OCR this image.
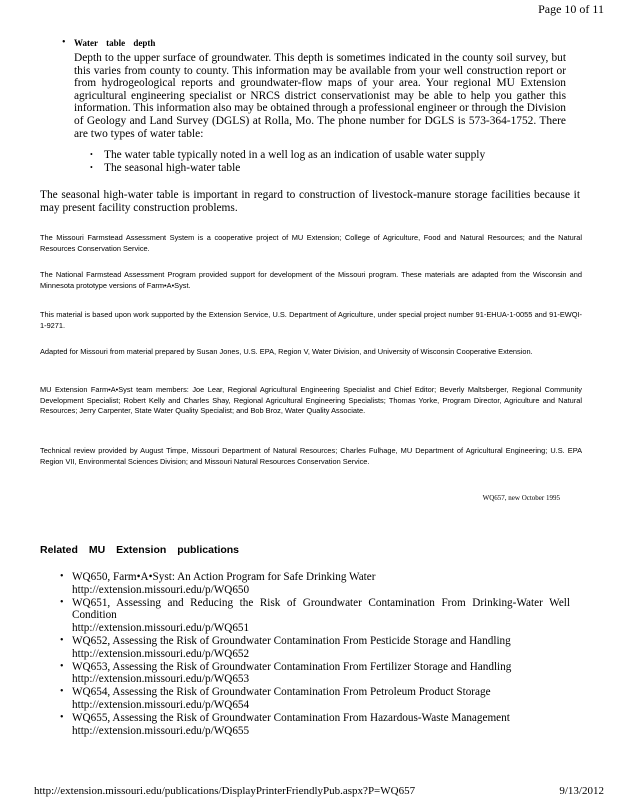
Page 10 of 11
• Water table depth
Depth to the upper surface of groundwater. This depth is sometimes indicated in the county soil survey, but this varies from county to county. This information may be available from your well construction report or from hydrogeological reports and groundwater-flow maps of your area. Your regional MU Extension agricultural engineering specialist or NRCS district conservationist may be able to help you gather this information. This information also may be obtained through a professional engineer or through the Division of Geology and Land Survey (DGLS) at Rolla, Mo. The phone number for DGLS is 573-364-1752. There are two types of water table:
• The water table typically noted in a well log as an indication of usable water supply
• The seasonal high-water table
The seasonal high-water table is important in regard to construction of livestock-manure storage facilities because it may present facility construction problems.
The Missouri Farmstead Assessment System is a cooperative project of MU Extension; College of Agriculture, Food and Natural Resources; and the Natural Resources Conservation Service.
The National Farmstead Assessment Program provided support for development of the Missouri program. These materials are adapted from the Wisconsin and Minnesota prototype versions of Farm•A•Syst.
This material is based upon work supported by the Extension Service, U.S. Department of Agriculture, under special project number 91-EHUA-1-0055 and 91-EWQI-1-9271.
Adapted for Missouri from material prepared by Susan Jones, U.S. EPA, Region V, Water Division, and University of Wisconsin Cooperative Extension.
MU Extension Farm•A•Syst team members: Joe Lear, Regional Agricultural Engineering Specialist and Chief Editor; Beverly Maltsberger, Regional Community Development Specialist; Robert Kelly and Charles Shay, Regional Agricultural Engineering Specialists; Thomas Yorke, Program Director, Agriculture and Natural Resources; Jerry Carpenter, State Water Quality Specialist; and Bob Broz, Water Quality Associate.
Technical review provided by August Timpe, Missouri Department of Natural Resources; Charles Fulhage, MU Department of Agricultural Engineering; U.S. EPA Region VII, Environmental Sciences Division; and Missouri Natural Resources Conservation Service.
WQ657, new October 1995
Related MU Extension publications
• WQ650, Farm•A•Syst: An Action Program for Safe Drinking Water
http://extension.missouri.edu/p/WQ650
• WQ651, Assessing and Reducing the Risk of Groundwater Contamination From Drinking-Water Well Condition
http://extension.missouri.edu/p/WQ651
• WQ652, Assessing the Risk of Groundwater Contamination From Pesticide Storage and Handling
http://extension.missouri.edu/p/WQ652
• WQ653, Assessing the Risk of Groundwater Contamination From Fertilizer Storage and Handling
http://extension.missouri.edu/p/WQ653
• WQ654, Assessing the Risk of Groundwater Contamination From Petroleum Product Storage
http://extension.missouri.edu/p/WQ654
• WQ655, Assessing the Risk of Groundwater Contamination From Hazardous-Waste Management
http://extension.missouri.edu/p/WQ655
http://extension.missouri.edu/publications/DisplayPrinterFriendlyPub.aspx?P=WQ657	9/13/2012
